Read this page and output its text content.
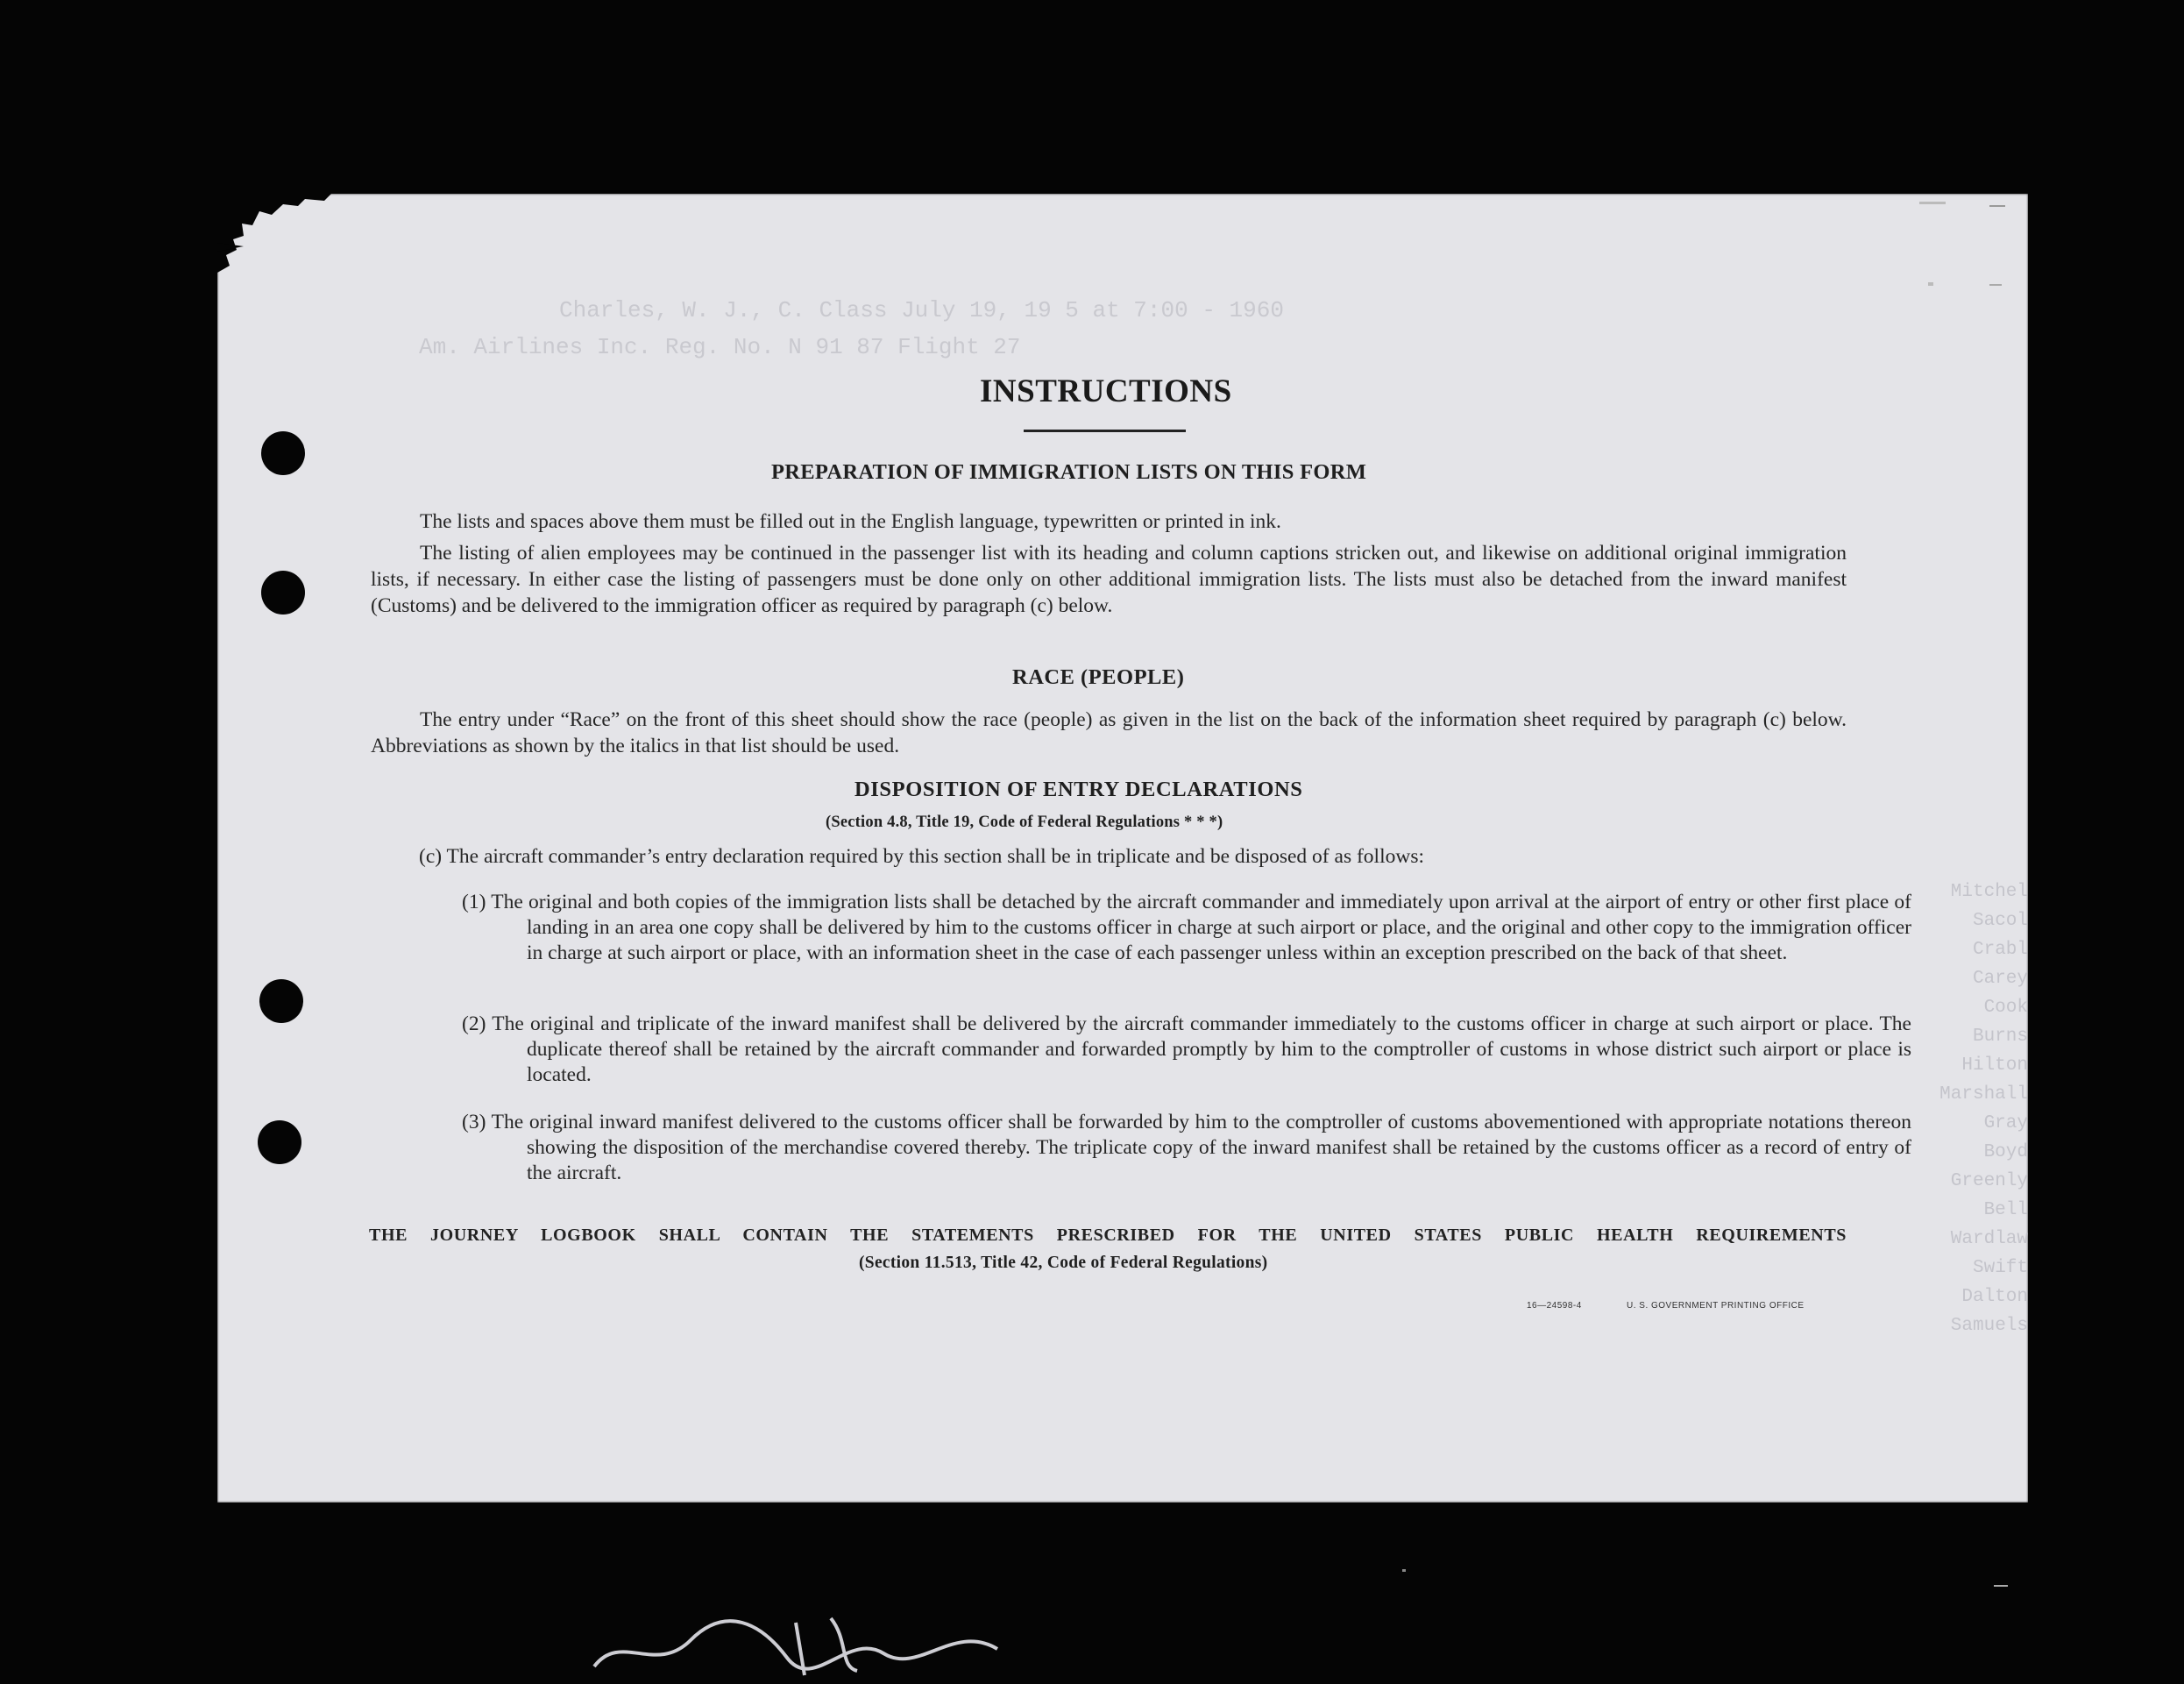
Charles, W. J., C. Class July 19, 19 5 at 7:00 - 1960
Am. Airlines Inc. Reg. No. N 91 87 Flight 27
Mitchel
Sacol
Crabl
Carey
Cook
Burns
Hilton
Marshall
Gray
Boyd
Greenly
Bell
Wardlaw
Swift
Dalton
Samuels
INSTRUCTIONS
PREPARATION OF IMMIGRATION LISTS ON THIS FORM
The lists and spaces above them must be filled out in the English language, typewritten or printed in ink.
The listing of alien employees may be continued in the passenger list with its heading and column captions stricken out, and likewise on additional original immigration lists, if necessary. In either case the listing of passengers must be done only on other additional immigration lists. The lists must also be detached from the inward manifest (Customs) and be delivered to the immigration officer as required by paragraph (c) below.
RACE (PEOPLE)
The entry under “Race” on the front of this sheet should show the race (people) as given in the list on the back of the information sheet required by paragraph (c) below. Abbreviations as shown by the italics in that list should be used.
DISPOSITION OF ENTRY DECLARATIONS
(Section 4.8, Title 19, Code of Federal Regulations * * *)
(c) The aircraft commander’s entry declaration required by this section shall be in triplicate and be disposed of as follows:
(1) The original and both copies of the immigration lists shall be detached by the aircraft commander and immediately upon arrival at the airport of entry or other first place of landing in an area one copy shall be delivered by him to the customs officer in charge at such airport or place, and the original and other copy to the immigration officer in charge at such airport or place, with an information sheet in the case of each passenger unless within an exception prescribed on the back of that sheet.
(2) The original and triplicate of the inward manifest shall be delivered by the aircraft commander immediately to the customs officer in charge at such airport or place. The duplicate thereof shall be retained by the aircraft commander and forwarded promptly by him to the comptroller of customs in whose district such airport or place is located.
(3) The original inward manifest delivered to the customs officer shall be forwarded by him to the comptroller of customs abovementioned with appropriate notations thereon showing the disposition of the merchandise covered thereby. The triplicate copy of the inward manifest shall be retained by the customs officer as a record of entry of the aircraft.
THE JOURNEY LOGBOOK SHALL CONTAIN THE STATEMENTS PRESCRIBED FOR THE UNITED STATES PUBLIC HEALTH REQUIREMENTS
(Section 11.513, Title 42, Code of Federal Regulations)
16—24598-4	U. S. GOVERNMENT PRINTING OFFICE
